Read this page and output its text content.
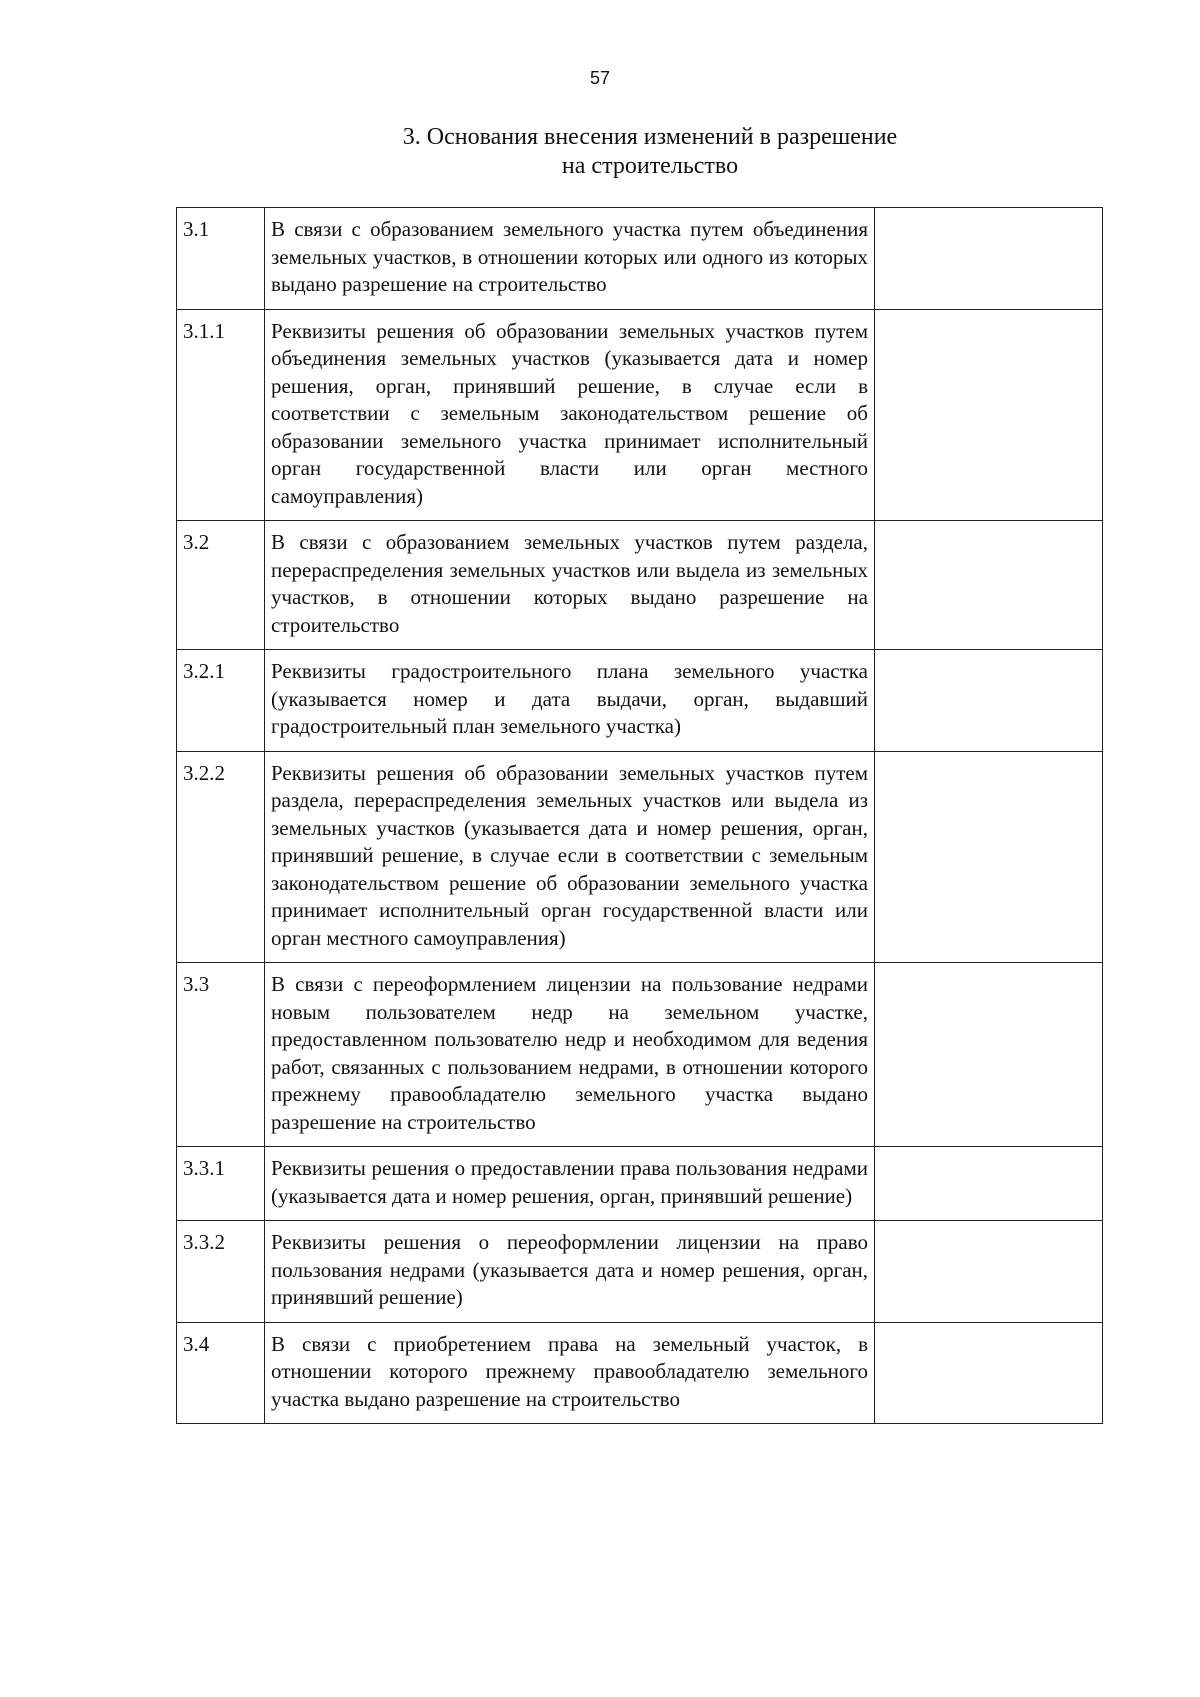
57
3. Основания внесения изменений в разрешение
на строительство
3.1	В связи с образованием земельного участка путем объединения земельных участков, в отношении которых или одного из которых выдано разрешение на строительство	
3.1.1	Реквизиты решения об образовании земельных участков путем объединения земельных участков (указывается дата и номер решения, орган, принявший решение, в случае если в соответствии с земельным законодательством решение об образовании земельного участка принимает исполнительный орган государственной власти или орган местного самоуправления)	
3.2	В связи с образованием земельных участков путем раздела, перераспределения земельных участков или выдела из земельных участков, в отношении которых выдано разрешение на строительство	
3.2.1	Реквизиты градостроительного плана земельного участка (указывается номер и дата выдачи, орган, выдавший градостроительный план земельного участка)	
3.2.2	Реквизиты решения об образовании земельных участков путем раздела, перераспределения земельных участков или выдела из земельных участков (указывается дата и номер решения, орган, принявший решение, в случае если в соответствии с земельным законодательством решение об образовании земельного участка принимает исполнительный орган государственной власти или орган местного самоуправления)	
3.3	В связи с переоформлением лицензии на пользование недрами новым пользователем недр на земельном участке, предоставленном пользователю недр и необходимом для ведения работ, связанных с пользованием недрами, в отношении которого прежнему правообладателю земельного участка выдано разрешение на строительство	
3.3.1	Реквизиты решения о предоставлении права пользования недрами (указывается дата и номер решения, орган, принявший решение)	
3.3.2	Реквизиты решения о переоформлении лицензии на право пользования недрами (указывается дата и номер решения, орган, принявший решение)	
3.4	В связи с приобретением права на земельный участок, в отношении которого прежнему правообладателю земельного участка выдано разрешение на строительство	
